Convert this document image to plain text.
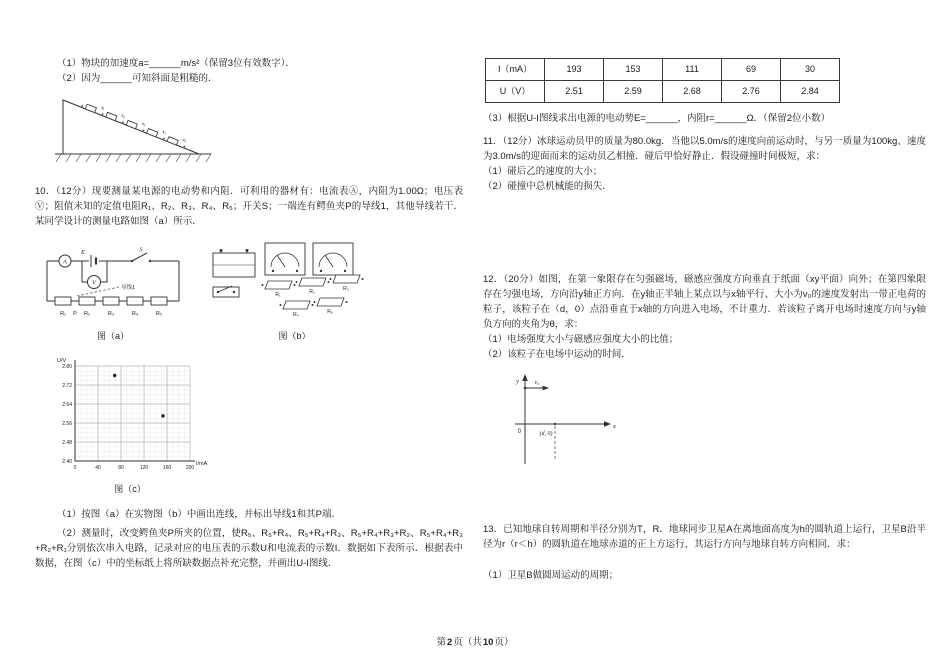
（1）物块的加速度a=______m/s²（保留3位有效数字）．
（2）因为______可知斜面是粗糙的．
x₁
x₂
x₃
x₄
x₅
10．（12分）现要测量某电源的电动势和内阻．可利用的器材有：电流表Ⓐ，内阻为1.00Ω；电压表Ⓥ；阻值未知的定值电阻R₁、R₂、R₃、R₄、R₅；开关S；一端连有鳄鱼夹P的导线1，其他导线若干．某同学设计的测量电路如图（a）所示．
A
E	S
V
导线1
R₁ P R₂	R₃	R₄	R₅
图（a）
R₁	R₂	R₃
R₄	R₅
图（b）
U/V
2.80
2.72
2.64
2.56
2.48
2.40
0	40	80	120	160	200
I/mA
图（c）
（1）按图（a）在实物图（b）中画出连线，并标出导线1和其P端．
（2）测量时，改变鳄鱼夹P所夹的位置，使R₅、R₅+R₄、R₅+R₄+R₃、R₅+R₄+R₃+R₂、R₅+R₄+R₃+R₂+R₁分别依次串入电路，记录对应的电压表的示数U和电流表的示数I．数据如下表所示．根据表中数据，在图（c）中的坐标纸上将所缺数据点补充完整，并画出U-I图线．
I（mA）	193	153	111	69	30
U（V）	2.51	2.59	2.68	2.76	2.84
（3）根据U-I图线求出电源的电动势E=______，内阻r=______Ω．（保留2位小数）
11．（12分）冰球运动员甲的质量为80.0kg．当他以5.0m/s的速度向前运动时，与另一质量为100kg、速度为3.0m/s的迎面而来的运动员乙相撞．碰后甲恰好静止．假设碰撞时间极短，求：
（1）碰后乙的速度的大小；
（2）碰撞中总机械能的损失．
12．（20分）如图，在第一象限存在匀强磁场，磁感应强度方向垂直于纸面（xy平面）向外；在第四象限存在匀强电场，方向沿y轴正方向．在y轴正半轴上某点以与x轴平行、大小为v₀的速度发射出一带正电荷的粒子，该粒子在（d，0）点沿垂直于x轴的方向进入电场，不计重力．若该粒子离开电场时速度方向与y轴负方向的夹角为θ，求：
（1）电场强度大小与磁感应强度大小的比值；
（2）该粒子在电场中运动的时间．
y	v₀
0	(d, 0)
x
13．已知地球自转周期和半径分别为T，R．地球同步卫星A在离地面高度为h的圆轨道上运行，卫星B沿半径为r（r＜h）的圆轨道在地球赤道的正上方运行，其运行方向与地球自转方向相同．求：
（1）卫星B做圆周运动的周期；
第2页（共10页）
